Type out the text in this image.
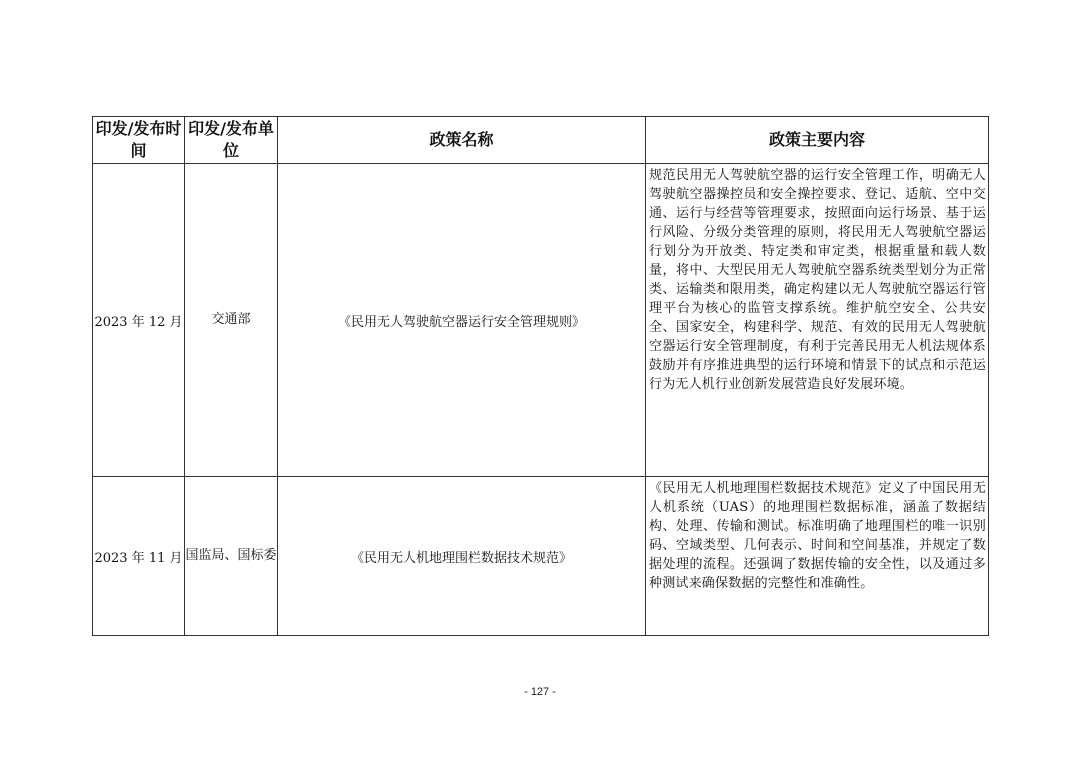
印发/发布时间	印发/发布单位	政策名称	政策主要内容
2023 年 12 月	交通部	《民用无人驾驶航空器运行安全管理规则》	规范民用无人驾驶航空器的运行安全管理工作，明确无人驾驶航空器操控员和安全操控要求、登记、适航、空中交通、运行与经营等管理要求，按照面向运行场景、基于运行风险、分级分类管理的原则，将民用无人驾驶航空器运行划分为开放类、特定类和审定类，根据重量和载人数量，将中、大型民用无人驾驶航空器系统类型划分为正常类、运输类和限用类，确定构建以无人驾驶航空器运行管理平台为核心的监管支撑系统。维护航空安全、公共安全、国家安全，构建科学、规范、有效的民用无人驾驶航空器运行安全管理制度，有利于完善民用无人机法规体系鼓励并有序推进典型的运行环境和情景下的试点和示范运行为无人机行业创新发展营造良好发展环境。
2023 年 11 月	国监局、国标委	《民用无人机地理围栏数据技术规范》	《民用无人机地理围栏数据技术规范》定义了中国民用无人机系统（UAS）的地理围栏数据标准，涵盖了数据结构、处理、传输和测试。标准明确了地理围栏的唯一识别码、空域类型、几何表示、时间和空间基准，并规定了数据处理的流程。还强调了数据传输的安全性，以及通过多种测试来确保数据的完整性和准确性。
- 127 -
